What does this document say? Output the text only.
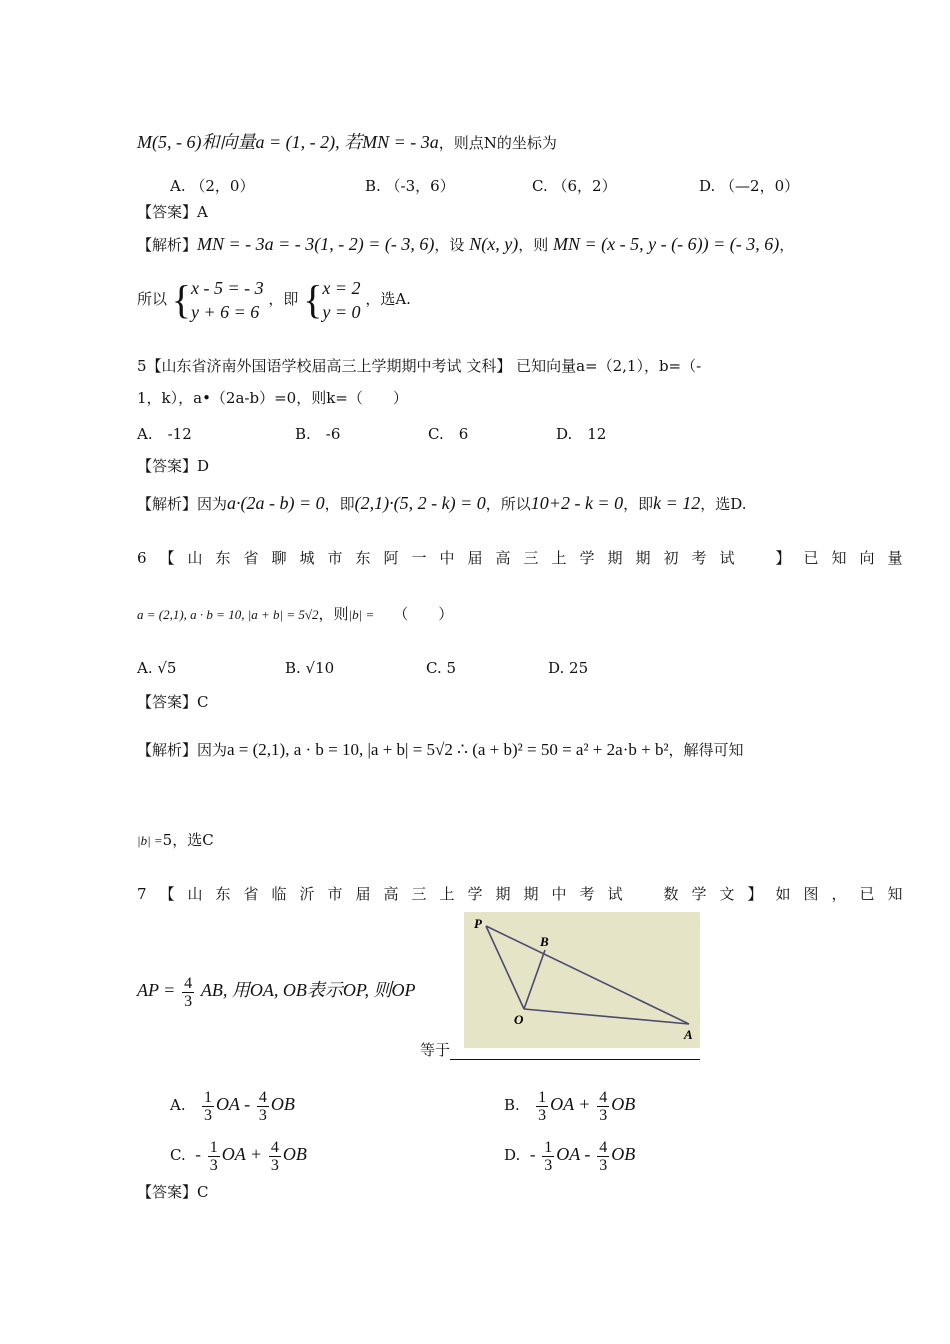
M(5, - 6)和向量a = (1, - 2), 若MN = - 3a，则点N的坐标为
A. （2，0）	B. （-3，6）	C. （6，2）	D. （—2，0）
【答案】A
【解析】MN = - 3a = - 3(1, - 2) = (- 3, 6)，设 N(x, y)，则 MN = (x - 5, y - (- 6)) = (- 3, 6)，
所以 {x - 5 = - 3
y + 6 = 6 ，即 {x = 2
y = 0 ，选A.
5【山东省济南外国语学校届高三上学期期中考试 文科】 已知向量a=（2,1），b=（-
1，k），a•（2a-b）=0，则k=（　　）
A.　-12	B.　-6	C.　6	D.　12
【答案】D
【解析】因为a·(2a - b) = 0，即(2,1)·(5, 2 - k) = 0，所以10+2 - k = 0，即k = 12，选D.
6【山东省聊城市东阿一中届高三上学期期初考试　】已知向量
a = (2,1), a · b = 10, |a + b| = 5√2，则|b| = （　　）
A. √5	B. √10	C. 5	D. 25
【答案】C
【解析】因为a = (2,1), a · b = 10, |a + b| = 5√2 ∴ (a + b)² = 50 = a² + 2a·b + b²，解得可知
|b| =5，选C
7【山东省临沂市届高三上学期期中考试　数学文】如图，已知
AP = $\frac{4}{3}$ AB, 用OA, OB表示OP, 则OP
P
B
O
A
等于
A. $\frac{1}{3}$ OA - $\frac{4}{3}$ OB	B. $\frac{1}{3}$ OA + $\frac{4}{3}$ OB
C. - $\frac{1}{3}$ OA + $\frac{4}{3}$ OB	D. - $\frac{1}{3}$ OA - $\frac{4}{3}$ OB
【答案】C
